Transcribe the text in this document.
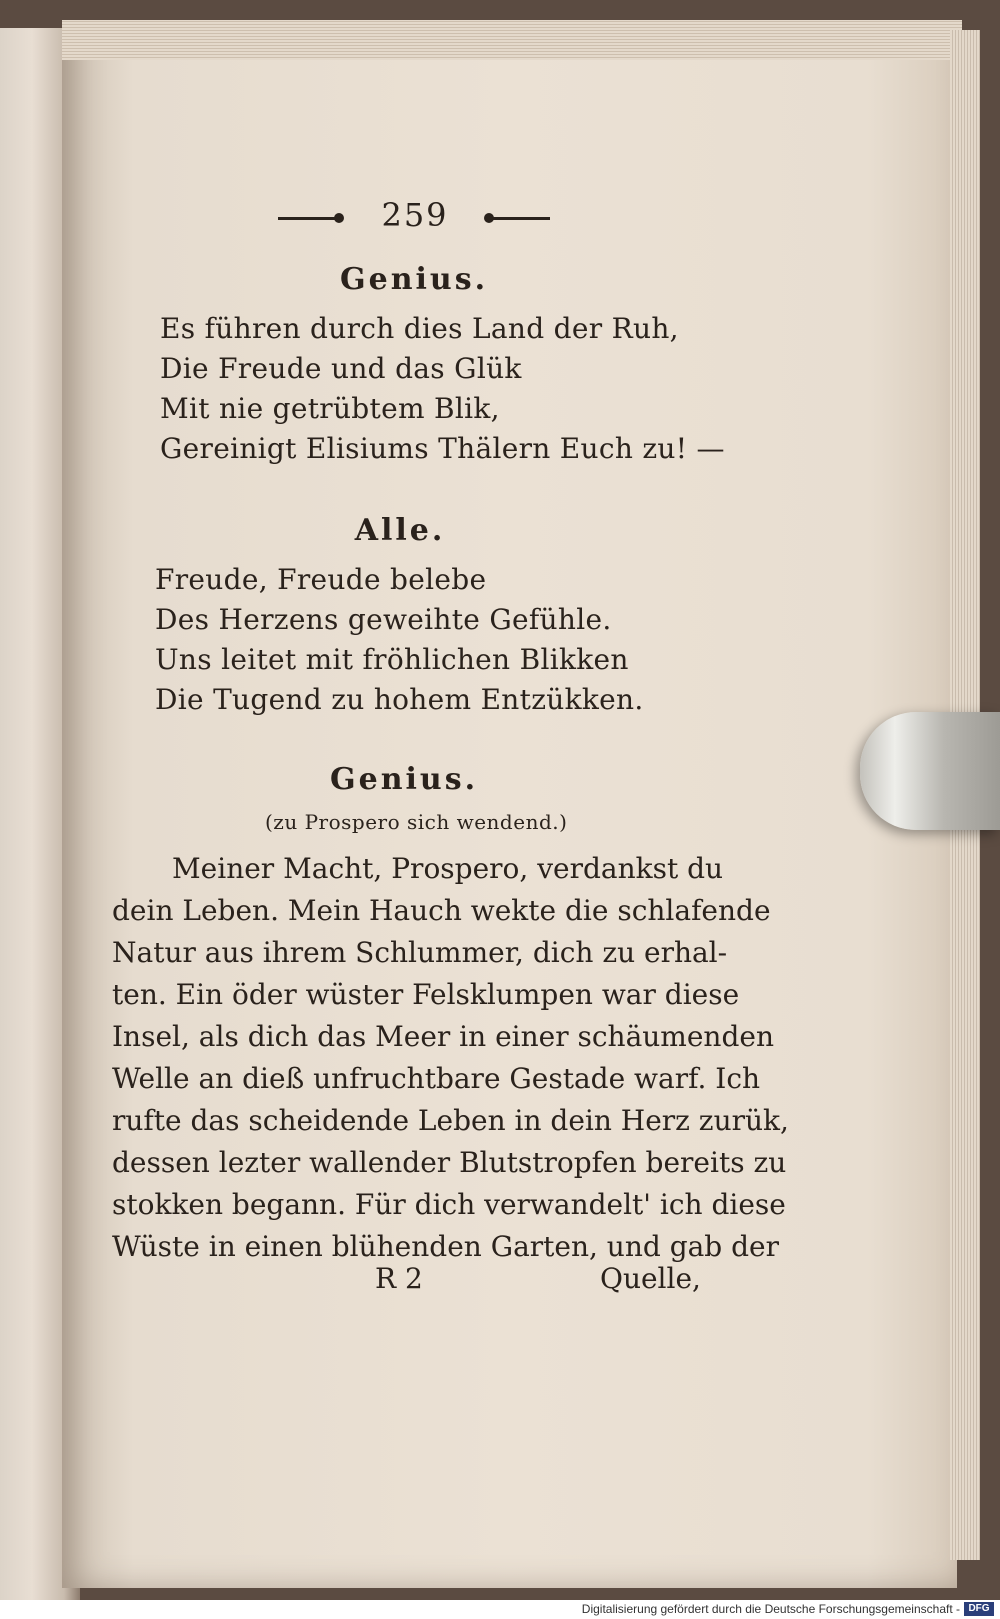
259
Genius.
Es führen durch dies Land der Ruh,
Die Freude und das Glük
Mit nie getrübtem Blik,
Gereinigt Elisiums Thälern Euch zu! —
Alle.
Freude, Freude belebe
Des Herzens geweihte Gefühle.
Uns leitet mit fröhlichen Blikken
Die Tugend zu hohem Entzükken.
Genius.
(zu Prospero sich wendend.)
Meiner Macht, Prospero, verdankst du
dein Leben. Mein Hauch wekte die schlafende
Natur aus ihrem Schlummer, dich zu erhal-
ten. Ein öder wüster Felsklumpen war diese
Insel, als dich das Meer in einer schäumenden
Welle an dieß unfruchtbare Gestade warf. Ich
rufte das scheidende Leben in dein Herz zurük,
dessen lezter wallender Blutstropfen bereits zu
stokken begann. Für dich verwandelt' ich diese
Wüste in einen blühenden Garten, und gab der
R 2	Quelle,
Digitalisierung gefördert durch die Deutsche Forschungsgemeinschaft - DFG
